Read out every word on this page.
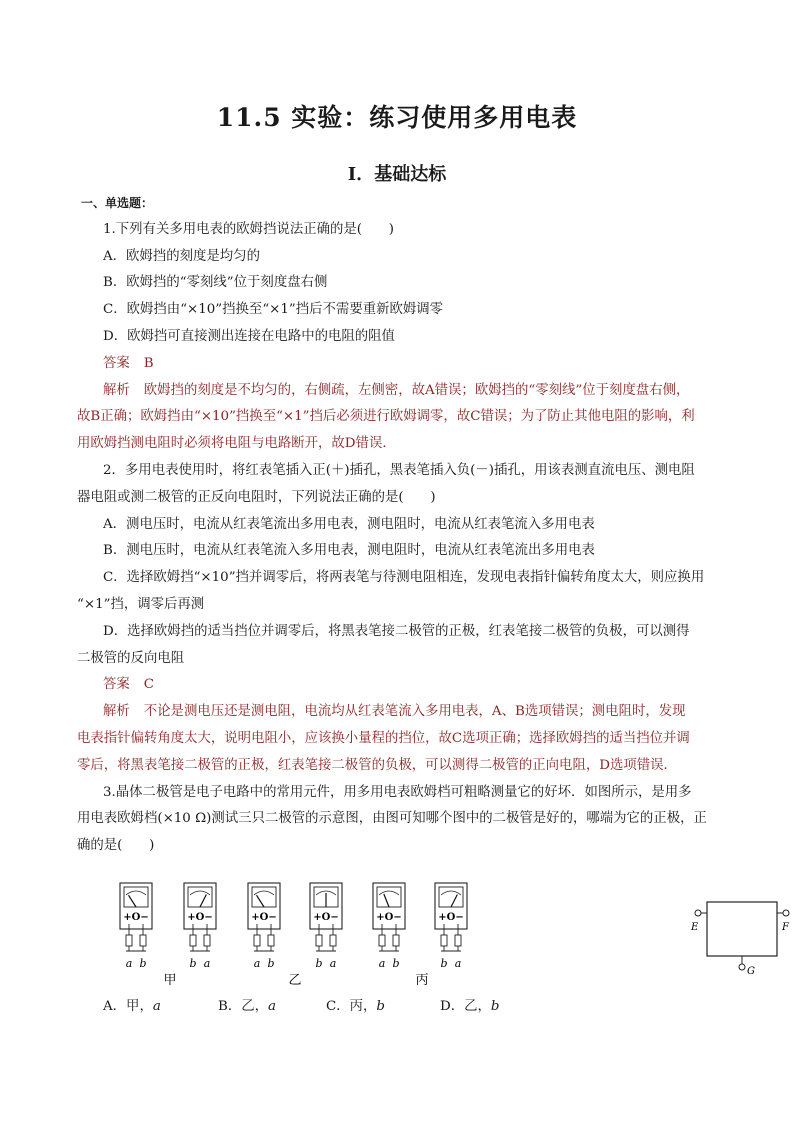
11.5 实验：练习使用多用电表
Ⅰ．基础达标
一、单选题：
1.下列有关多用电表的欧姆挡说法正确的是(　　)
A．欧姆挡的刻度是均匀的
B．欧姆挡的“零刻线”位于刻度盘右侧
C．欧姆挡由“×10”挡换至“×1”挡后不需要重新欧姆调零
D．欧姆挡可直接测出连接在电路中的电阻的阻值
答案 B
解析 欧姆挡的刻度是不均匀的，右侧疏，左侧密，故A错误；欧姆挡的“零刻线”位于刻度盘右侧，
故B正确；欧姆挡由“×10”挡换至“×1”挡后必须进行欧姆调零，故C错误；为了防止其他电阻的影响，利
用欧姆挡测电阻时必须将电阻与电路断开，故D错误．
2．多用电表使用时，将红表笔插入正(＋)插孔，黑表笔插入负(－)插孔，用该表测直流电压、测电阻
器电阻或测二极管的正反向电阻时，下列说法正确的是(　　)
A．测电压时，电流从红表笔流出多用电表，测电阻时，电流从红表笔流入多用电表
B．测电压时，电流从红表笔流入多用电表，测电阻时，电流从红表笔流出多用电表
C．选择欧姆挡“×10”挡并调零后，将两表笔与待测电阻相连，发现电表指针偏转角度太大，则应换用
“×1”挡，调零后再测
D．选择欧姆挡的适当挡位并调零后，将黑表笔接二极管的正极，红表笔接二极管的负极，可以测得
二极管的反向电阻
答案 C
解析 不论是测电压还是测电阻，电流均从红表笔流入多用电表，A、B选项错误；测电阻时，发现
电表指针偏转角度太大，说明电阻小，应该换小量程的挡位，故C选项正确；选择欧姆挡的适当挡位并调
零后，将黑表笔接二极管的正极，红表笔接二极管的负极，可以测得二极管的正向电阻，D选项错误．
3.晶体二极管是电子电路中的常用元件，用多用电表欧姆档可粗略测量它的好坏．如图所示，是用多
用电表欧姆档(×10 Ω)测试三只二极管的示意图，由图可知哪个图中的二极管是好的，哪端为它的正极，正
确的是(　　)
+O−
a b
+O−
b a
+O−
a b
+O−
b a
+O−
a b
+O−
b a
甲	乙	丙
E	F
G
A．甲，a	B．乙，a	C．丙，b	D．乙，b
